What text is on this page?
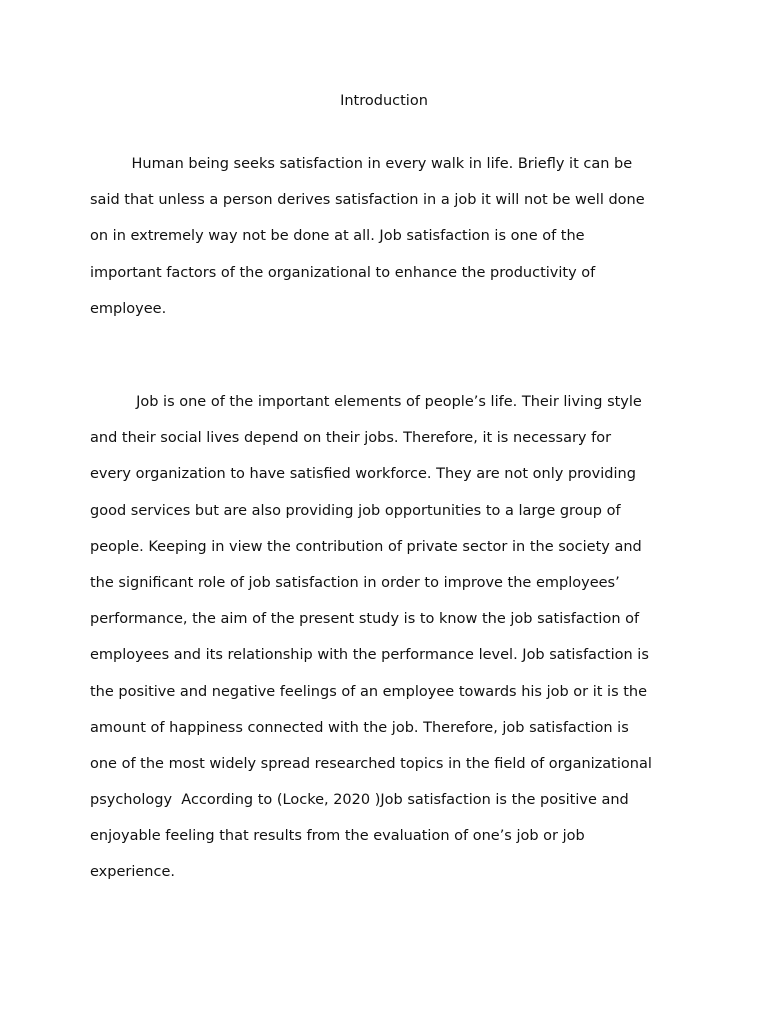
Introduction
Human being seeks satisfaction in every walk in life. Briefly it can be
said that unless a person derives satisfaction in a job it will not be well done
on in extremely way not be done at all. Job satisfaction is one of the
important factors of the organizational to enhance the productivity of
employee.
Job is one of the important elements of people’s life. Their living style
and their social lives depend on their jobs. Therefore, it is necessary for
every organization to have satisfied workforce. They are not only providing
good services but are also providing job opportunities to a large group of
people. Keeping in view the contribution of private sector in the society and
the significant role of job satisfaction in order to improve the employees’
performance, the aim of the present study is to know the job satisfaction of
employees and its relationship with the performance level. Job satisfaction is
the positive and negative feelings of an employee towards his job or it is the
amount of happiness connected with the job. Therefore, job satisfaction is
one of the most widely spread researched topics in the field of organizational
psychology  According to (Locke, 2020 )Job satisfaction is the positive and
enjoyable feeling that results from the evaluation of one’s job or job
experience.
